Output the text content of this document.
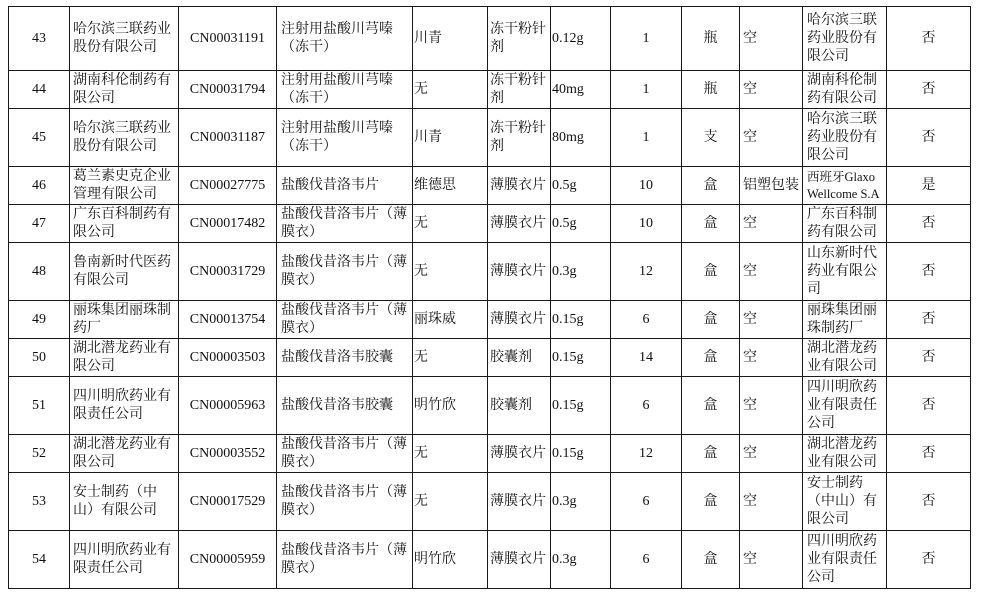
43	哈尔滨三联药业股份有限公司	CN00031191	注射用盐酸川芎嗪（冻干）	川青	冻干粉针剂	0.12g	1	瓶	空	哈尔滨三联药业股份有限公司	否
44	湖南科伦制药有限公司	CN00031794	注射用盐酸川芎嗪（冻干）	无	冻干粉针剂	40mg	1	瓶	空	湖南科伦制药有限公司	否
45	哈尔滨三联药业股份有限公司	CN00031187	注射用盐酸川芎嗪（冻干）	川青	冻干粉针剂	80mg	1	支	空	哈尔滨三联药业股份有限公司	否
46	葛兰素史克企业管理有限公司	CN00027775	盐酸伐昔洛韦片	维德思	薄膜衣片	0.5g	10	盒	铝塑包装	西班牙Glaxo Wellcome S.A	是
47	广东百科制药有限公司	CN00017482	盐酸伐昔洛韦片（薄膜衣）	无	薄膜衣片	0.5g	10	盒	空	广东百科制药有限公司	否
48	鲁南新时代医药有限公司	CN00031729	盐酸伐昔洛韦片（薄膜衣）	无	薄膜衣片	0.3g	12	盒	空	山东新时代药业有限公司	否
49	丽珠集团丽珠制药厂	CN00013754	盐酸伐昔洛韦片（薄膜衣）	丽珠威	薄膜衣片	0.15g	6	盒	空	丽珠集团丽珠制药厂	否
50	湖北潜龙药业有限公司	CN00003503	盐酸伐昔洛韦胶囊	无	胶囊剂	0.15g	14	盒	空	湖北潜龙药业有限公司	否
51	四川明欣药业有限责任公司	CN00005963	盐酸伐昔洛韦胶囊	明竹欣	胶囊剂	0.15g	6	盒	空	四川明欣药业有限责任公司	否
52	湖北潜龙药业有限公司	CN00003552	盐酸伐昔洛韦片（薄膜衣）	无	薄膜衣片	0.15g	12	盒	空	湖北潜龙药业有限公司	否
53	安士制药（中山）有限公司	CN00017529	盐酸伐昔洛韦片（薄膜衣）	无	薄膜衣片	0.3g	6	盒	空	安士制药（中山）有限公司	否
54	四川明欣药业有限责任公司	CN00005959	盐酸伐昔洛韦片（薄膜衣）	明竹欣	薄膜衣片	0.3g	6	盒	空	四川明欣药业有限责任公司	否
